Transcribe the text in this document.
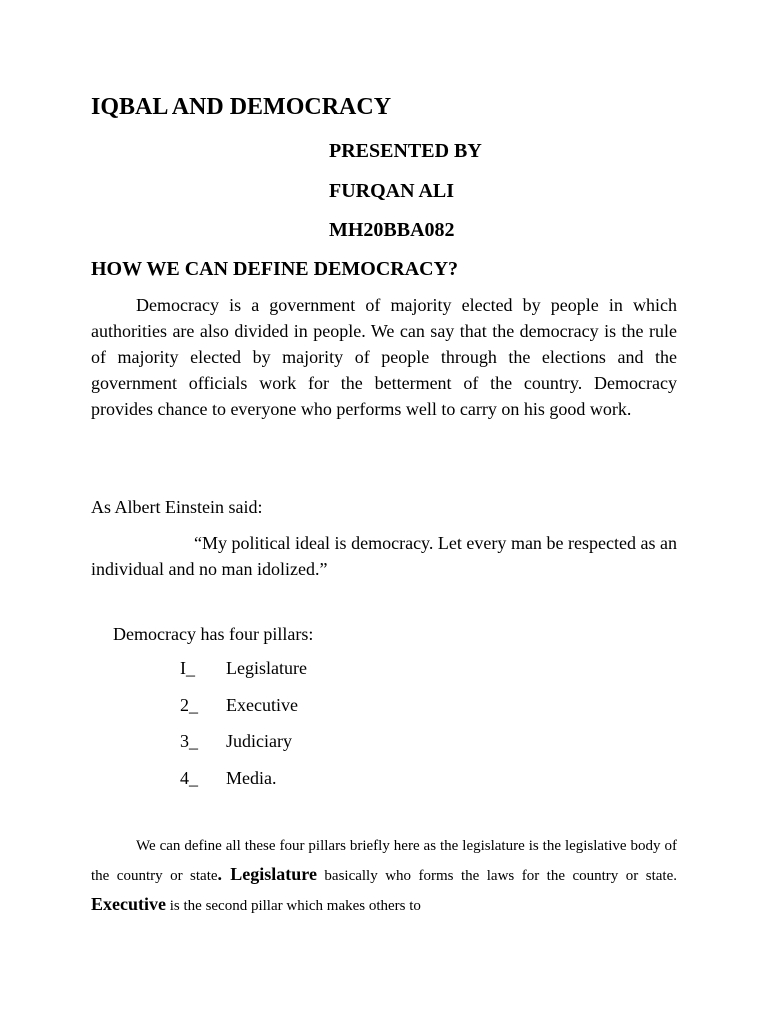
IQBAL AND DEMOCRACY

PRESENTED BY

FURQAN ALI

MH20BBA082

HOW WE CAN DEFINE DEMOCRACY?

Democracy is a government of majority elected by people in which authorities are also divided in people. We can say that the democracy is the rule of majority elected by majority of people through the elections and the government officials work for the betterment of the country. Democracy provides chance to everyone who performs well to carry on his good work.

As Albert Einstein said:

“My political ideal is democracy. Let every man be respected as an individual and no man idolized.”

Democracy has four pillars:

I_	Legislature
2_	Executive
3_	Judiciary
4_	Media.

We can define all these four pillars briefly here as the legislature is the legislative body of the country or state. Legislature basically who forms the laws for the country or state. Executive is the second pillar which makes others to
